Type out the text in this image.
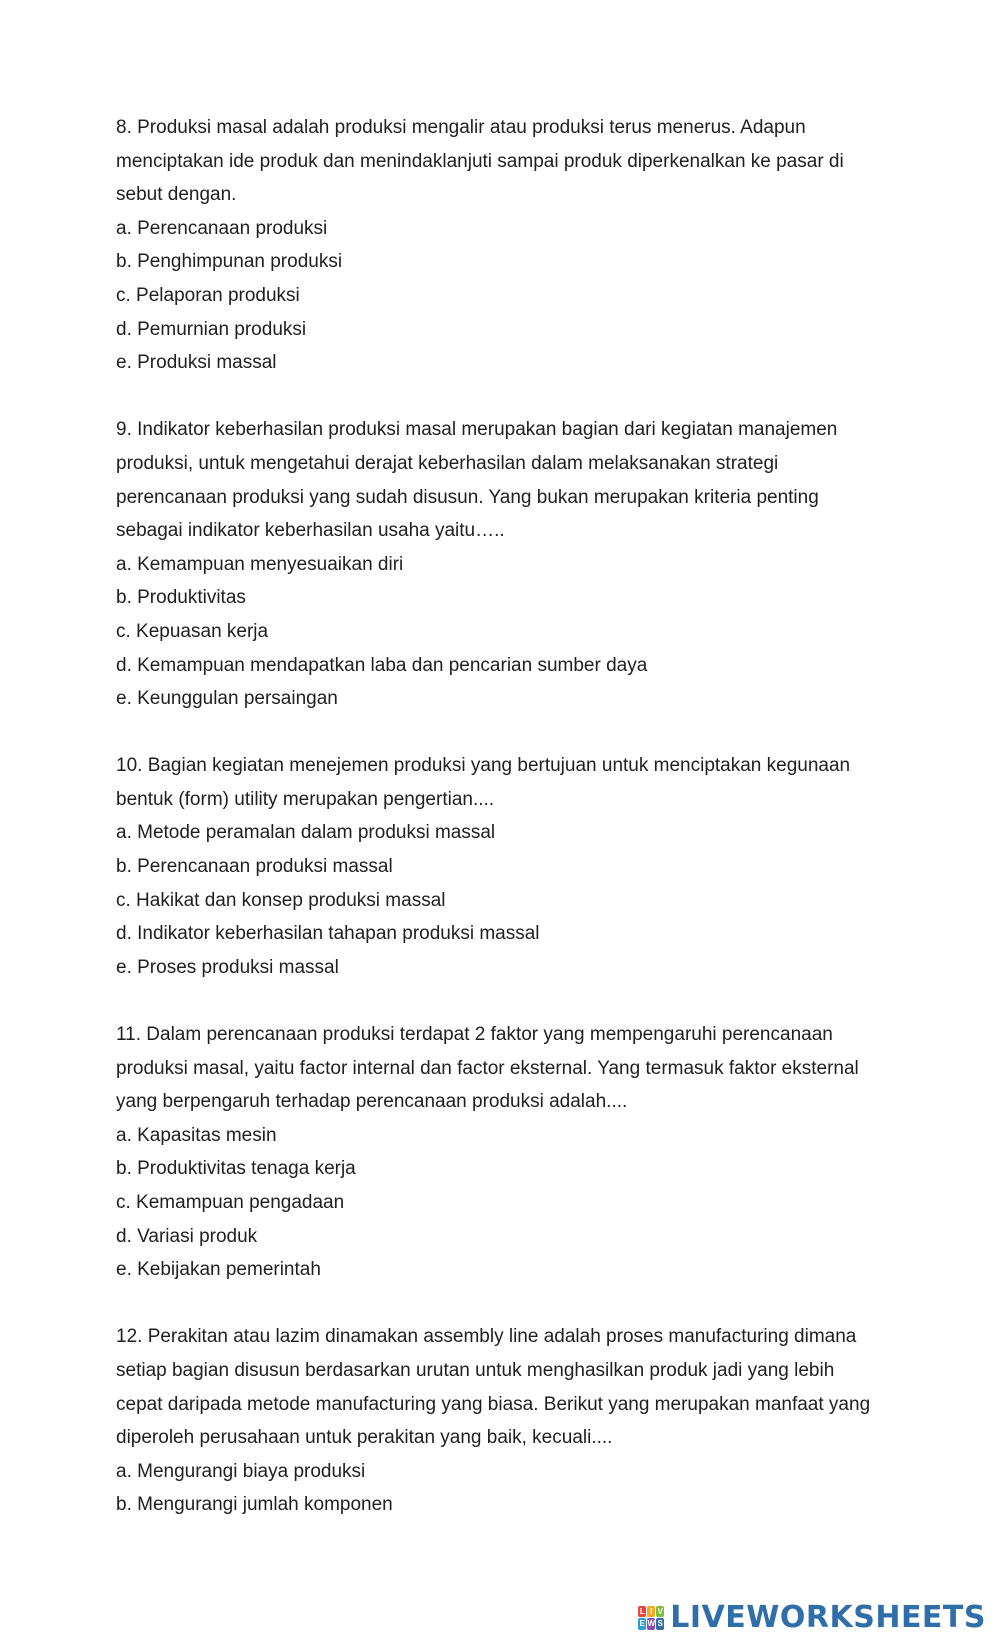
8. Produksi masal adalah produksi mengalir atau produksi terus menerus. Adapun menciptakan ide produk dan menindaklanjuti sampai produk diperkenalkan ke pasar di sebut dengan.

a. Perencanaan produksi

b. Penghimpunan produksi

c. Pelaporan produksi

d. Pemurnian produksi

e. Produksi massal

9. Indikator keberhasilan produksi masal merupakan bagian dari kegiatan manajemen produksi, untuk mengetahui derajat keberhasilan dalam melaksanakan strategi perencanaan produksi yang sudah disusun. Yang bukan merupakan kriteria penting sebagai indikator keberhasilan usaha yaitu…..

a. Kemampuan menyesuaikan diri

b. Produktivitas

c. Kepuasan kerja

d. Kemampuan mendapatkan laba dan pencarian sumber daya

e. Keunggulan persaingan

10. Bagian kegiatan menejemen produksi yang bertujuan untuk menciptakan kegunaan bentuk (form) utility merupakan pengertian....

a. Metode peramalan dalam produksi massal

b. Perencanaan produksi massal

c. Hakikat dan konsep produksi massal

d. Indikator keberhasilan tahapan produksi massal

e. Proses produksi massal

11. Dalam perencanaan produksi terdapat 2 faktor yang mempengaruhi perencanaan produksi masal, yaitu factor internal dan factor eksternal. Yang termasuk faktor eksternal yang berpengaruh terhadap perencanaan produksi adalah....

a. Kapasitas mesin

b. Produktivitas tenaga kerja

c. Kemampuan pengadaan

d. Variasi produk

e. Kebijakan pemerintah

12. Perakitan atau lazim dinamakan assembly line adalah proses manufacturing dimana setiap bagian disusun berdasarkan urutan untuk menghasilkan produk jadi yang lebih cepat daripada metode manufacturing yang biasa. Berikut yang merupakan manfaat yang diperoleh perusahaan untuk perakitan yang baik, kecuali....

a. Mengurangi biaya produksi

b. Mengurangi jumlah komponen

L I V
E W S LIVEWORKSHEETS
